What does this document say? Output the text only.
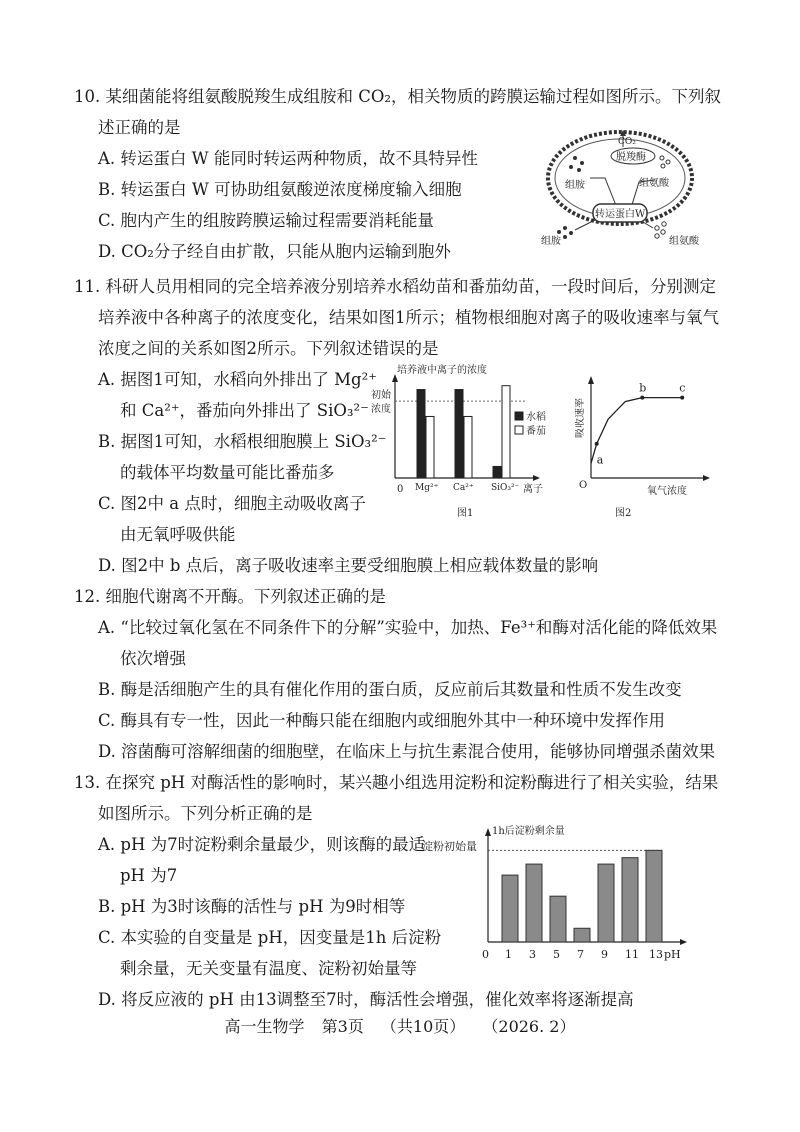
10. 某细菌能将组氨酸脱羧生成组胺和 CO₂，相关物质的跨膜运输过程如图所示。下列叙
述正确的是
A. 转运蛋白 W 能同时转运两种物质，故不具特异性
B. 转运蛋白 W 可协助组氨酸逆浓度梯度输入细胞
C. 胞内产生的组胺跨膜运输过程需要消耗能量
D. CO₂分子经自由扩散，只能从胞内运输到胞外
CO₂
脱羧酶
组胺	组氨酸
转运蛋白W
组胺	组氨酸
11. 科研人员用相同的完全培养液分别培养水稻幼苗和番茄幼苗，一段时间后，分别测定
培养液中各种离子的浓度变化，结果如图1所示；植物根细胞对离子的吸收速率与氧气
浓度之间的关系如图2所示。下列叙述错误的是
A. 据图1可知，水稻向外排出了 Mg²⁺
和 Ca²⁺，番茄向外排出了 SiO₃²⁻
B. 据图1可知，水稻根细胞膜上 SiO₃²⁻
的载体平均数量可能比番茄多
C. 图2中 a 点时，细胞主动吸收离子
由无氧呼吸供能
D. 图2中 b 点后，离子吸收速率主要受细胞膜上相应载体数量的影响
培养液中离子的浓度
初始
浓度
Mg²⁺ Ca²⁺ SiO₃²⁻
0	离子
水稻
番茄
图1
吸收速率
a
b	c
O
氧气浓度
图2
12. 细胞代谢离不开酶。下列叙述正确的是
A. “比较过氧化氢在不同条件下的分解”实验中，加热、Fe³⁺和酶对活化能的降低效果
依次增强
B. 酶是活细胞产生的具有催化作用的蛋白质，反应前后其数量和性质不发生改变
C. 酶具有专一性，因此一种酶只能在细胞内或细胞外其中一种环境中发挥作用
D. 溶菌酶可溶解细菌的细胞壁，在临床上与抗生素混合使用，能够协同增强杀菌效果
13. 在探究 pH 对酶活性的影响时，某兴趣小组选用淀粉和淀粉酶进行了相关实验，结果
如图所示。下列分析正确的是
A. pH 为7时淀粉剩余量最少，则该酶的最适
pH 为7
B. pH 为3时该酶的活性与 pH 为9时相等
C. 本实验的自变量是 pH，因变量是1h 后淀粉
剩余量，无关变量有温度、淀粉初始量等
D. 将反应液的 pH 由13调整至7时，酶活性会增强，催化效率将逐渐提高
1h后淀粉剩余量
淀粉初始量
1 3 5 7 9 11 13
0	pH
高一生物学 第3页 （共10页） （2026. 2）
